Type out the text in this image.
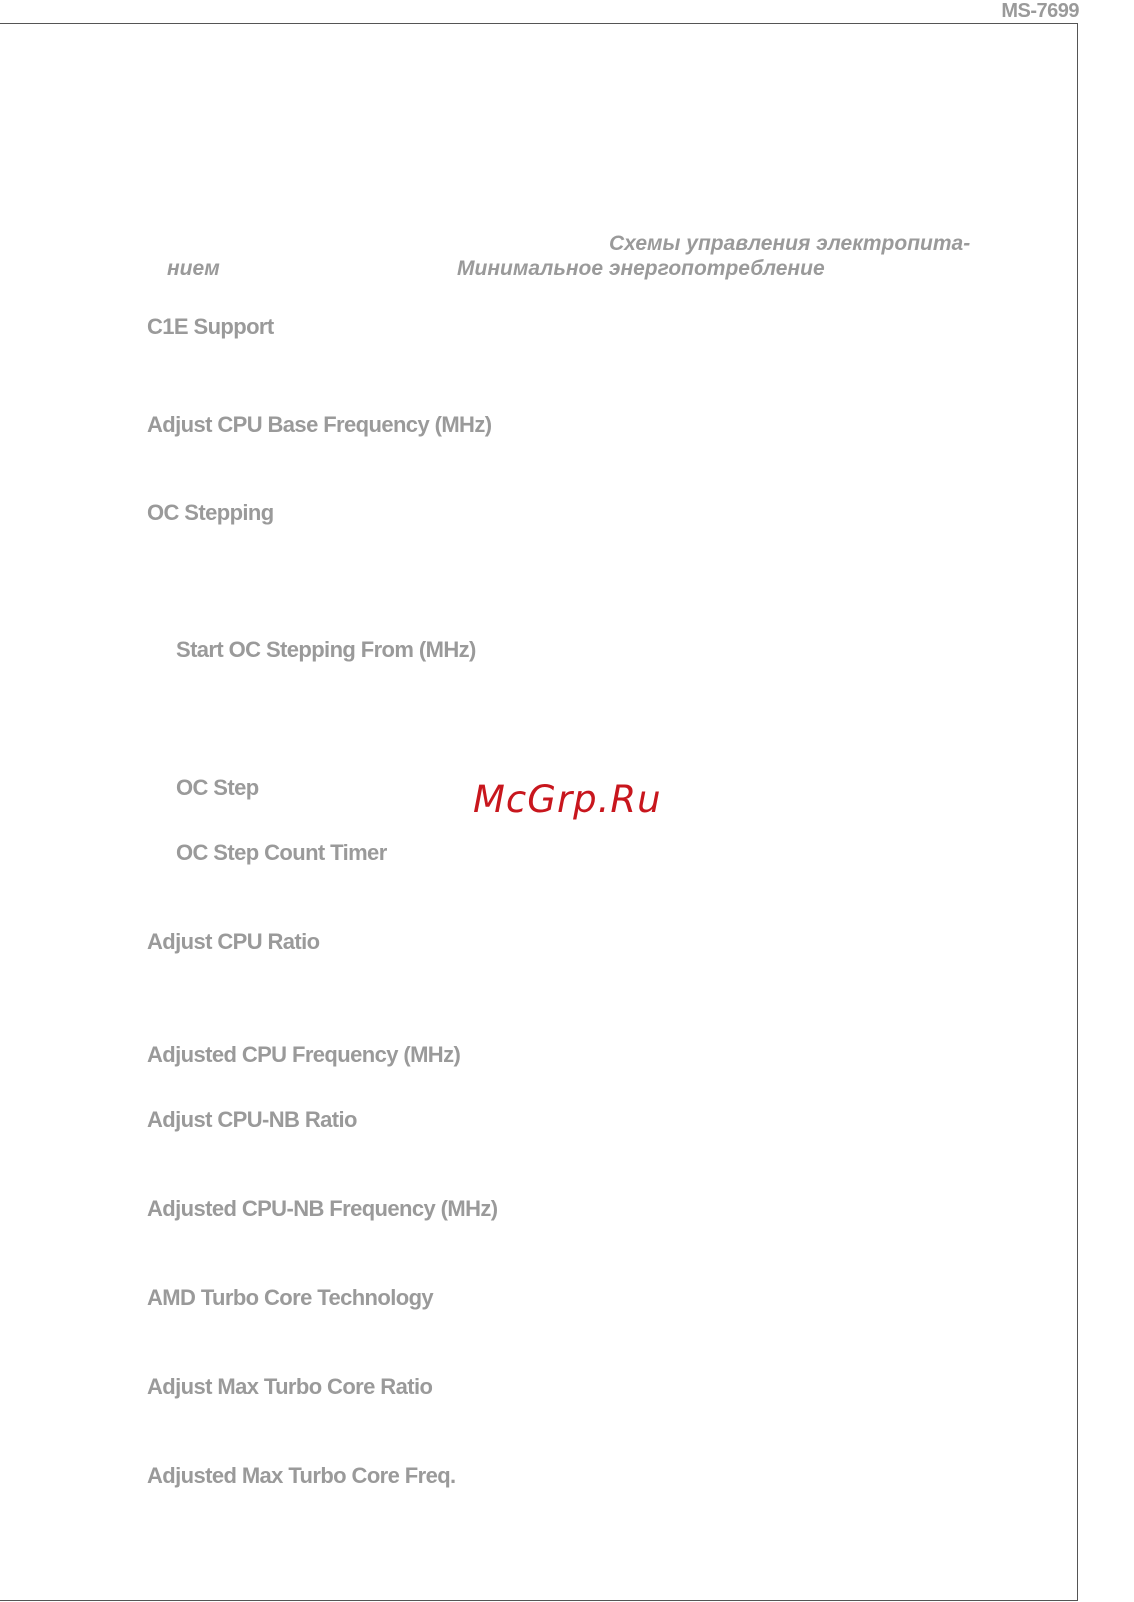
MS-7699
Схемы управления электропита-
нием	Минимальное энергопотребление
C1E Support
Adjust CPU Base Frequency (MHz)
OC Stepping
Start OC Stepping From (MHz)
OC Step
OC Step Count Timer
Adjust CPU Ratio
Adjusted CPU Frequency (MHz)
Adjust CPU-NB Ratio
Adjusted CPU-NB Frequency (MHz)
AMD Turbo Core Technology
Adjust Max Turbo Core Ratio
Adjusted Max Turbo Core Freq.
McGrp.Ru
